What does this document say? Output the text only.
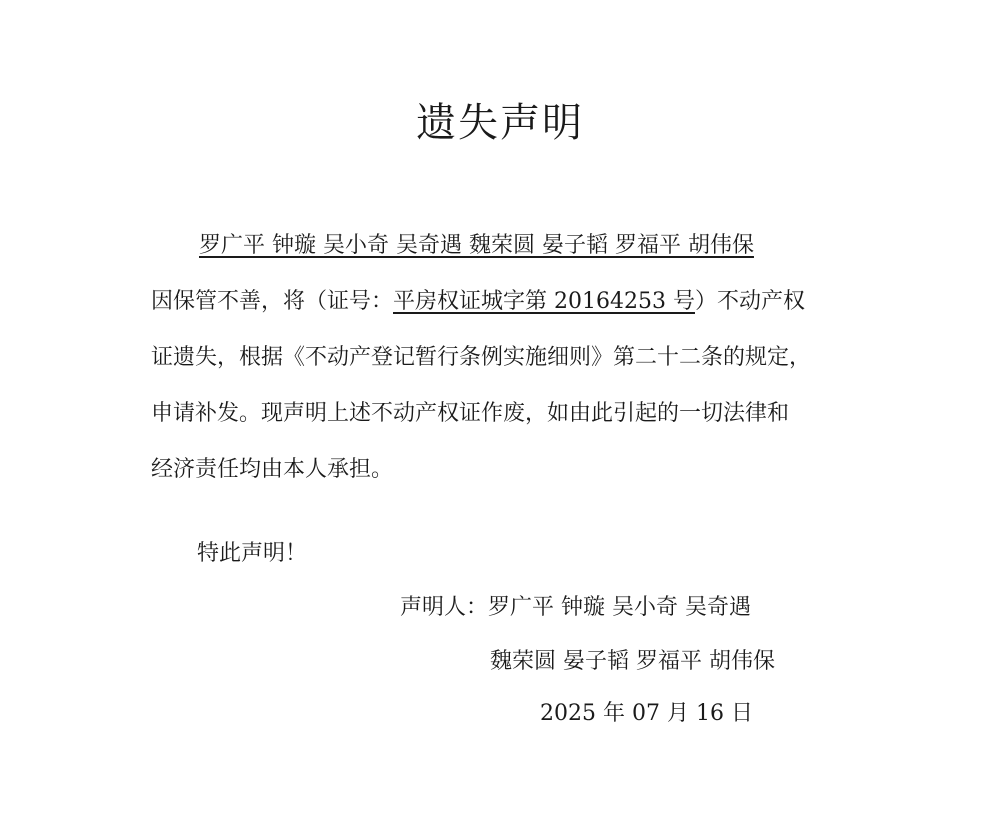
遗失声明
罗广平 钟璇 吴小奇 吴奇遇 魏荣圆 晏子韬 罗福平 胡伟保
因保管不善，将（证号：平房权证城字第 20164253 号）不动产权
证遗失，根据《不动产登记暂行条例实施细则》第二十二条的规定，
申请补发。现声明上述不动产权证作废，如由此引起的一切法律和
经济责任均由本人承担。
特此声明！
声明人：罗广平 钟璇 吴小奇 吴奇遇
魏荣圆 晏子韬 罗福平 胡伟保
2025 年 07 月 16 日
